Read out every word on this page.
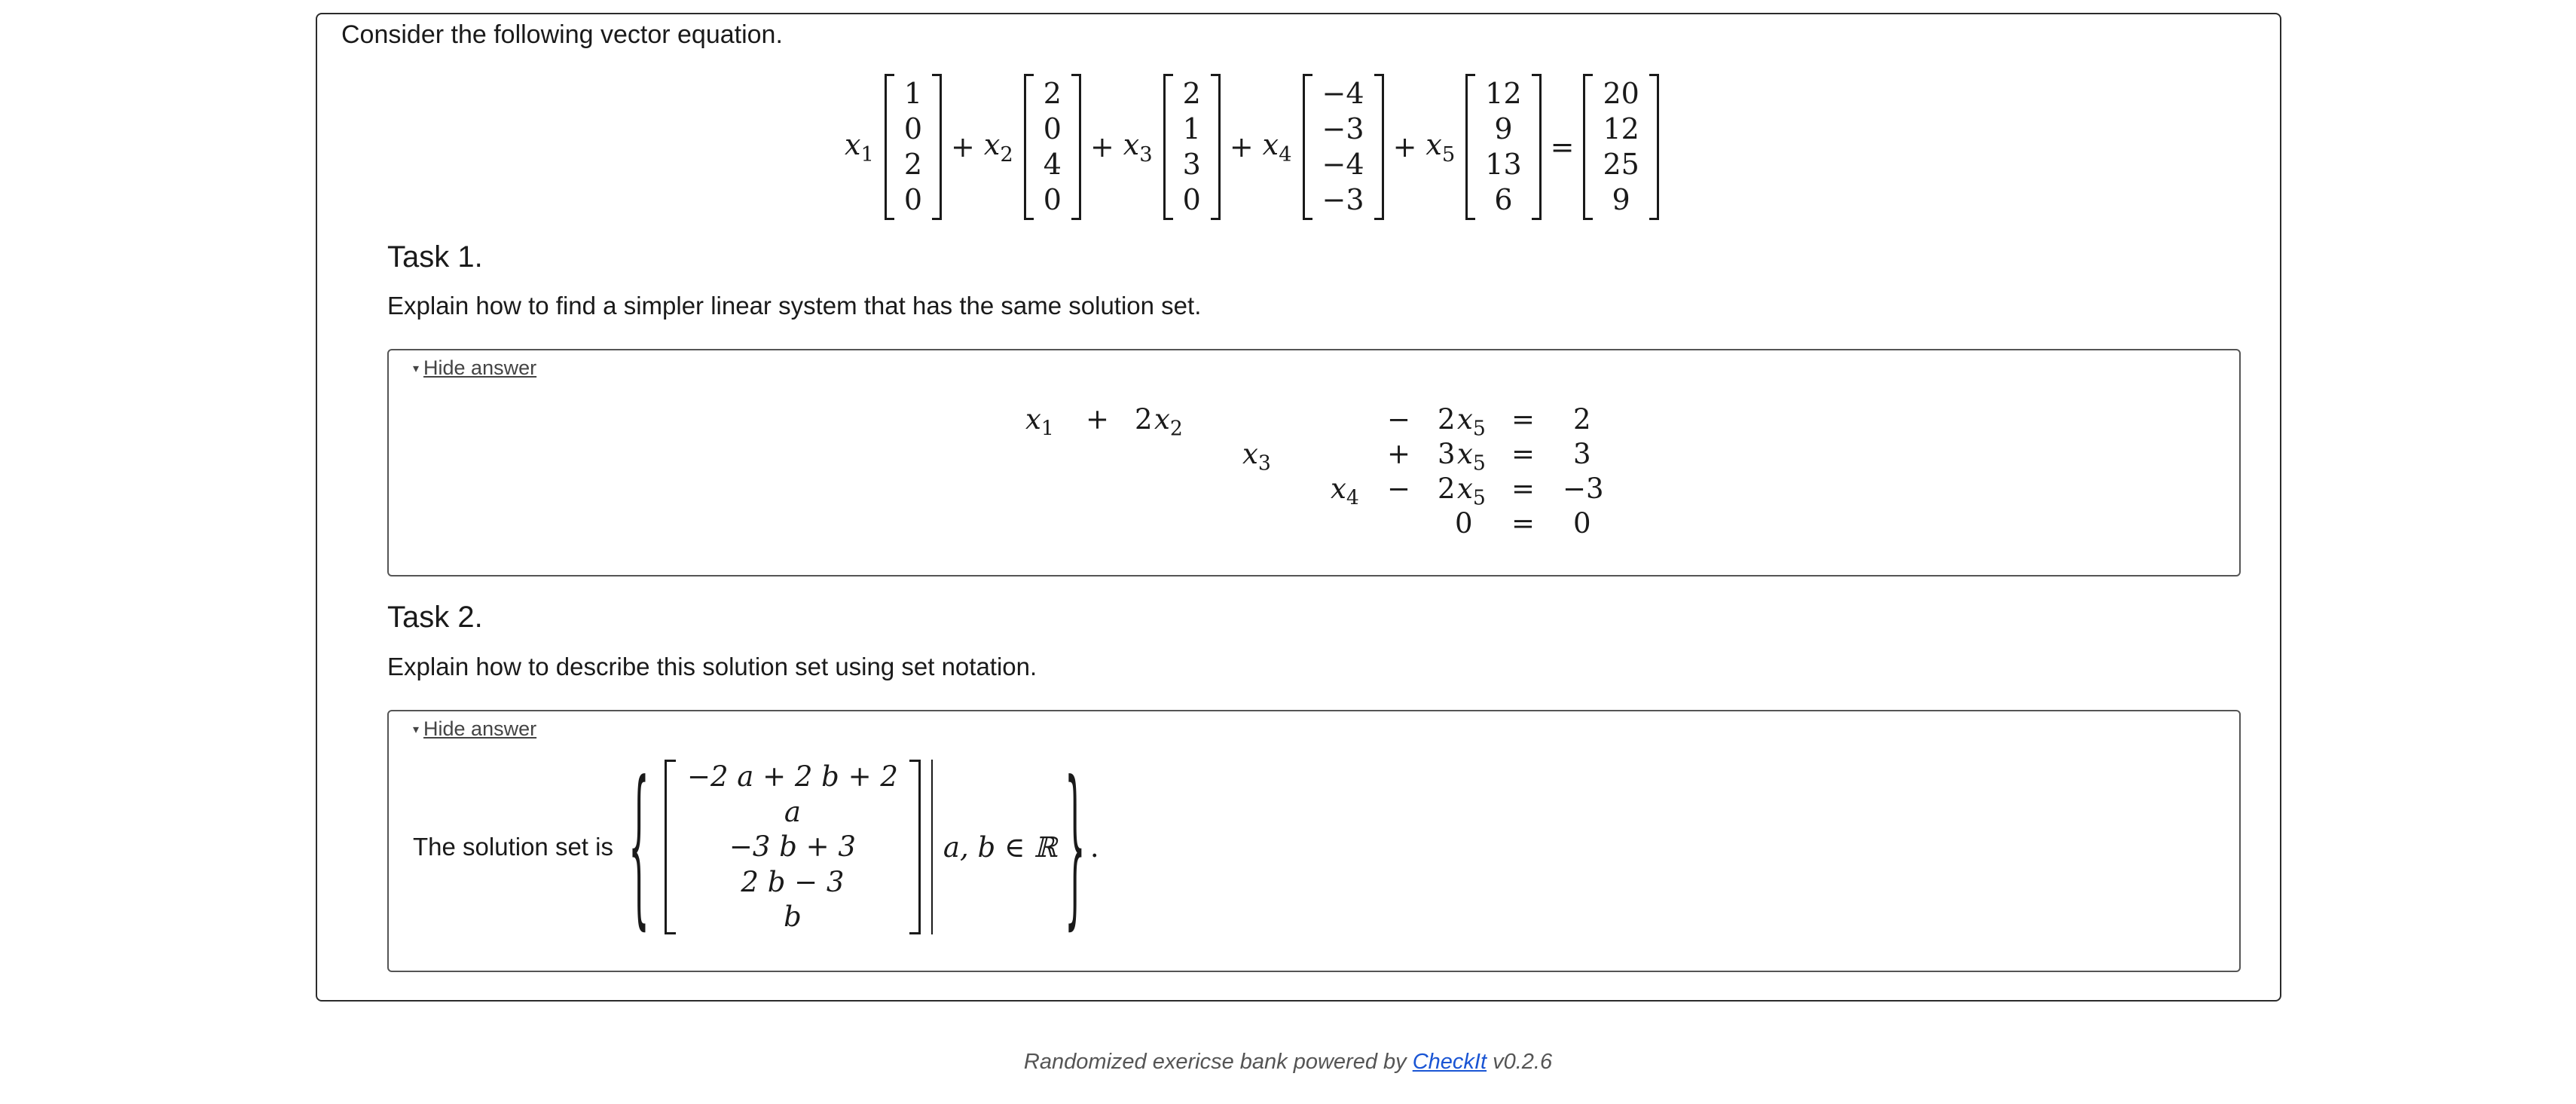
Consider the following vector equation.

$x_1$
1
0
2
0
+ $x_2$
2
0
4
0
+ $x_3$
2
1
3
0
+ $x_4$
−4
−3
−4
−3
+ $x_5$
12
9
13
6
=
20
12
25
9
Task 1.

Explain how to find a simpler linear system that has the same solution set.

▾ Hide answer
$x_1 + 2$ $x_2$	− 2 $x_5 = 2$
$x_3$	+ 3 $x_5 = 3$
$x_4 - 2$ $x_5 = -3$
0 = 0
Task 2.

Explain how to describe this solution set using set notation.

▾ Hide answer
The solution set is { −2 a + 2 b + 2
a
−3 b + 3
2 b − 3
b
a, b ∈ ℝ } .
Randomized exericse bank powered by CheckIt v0.2.6
